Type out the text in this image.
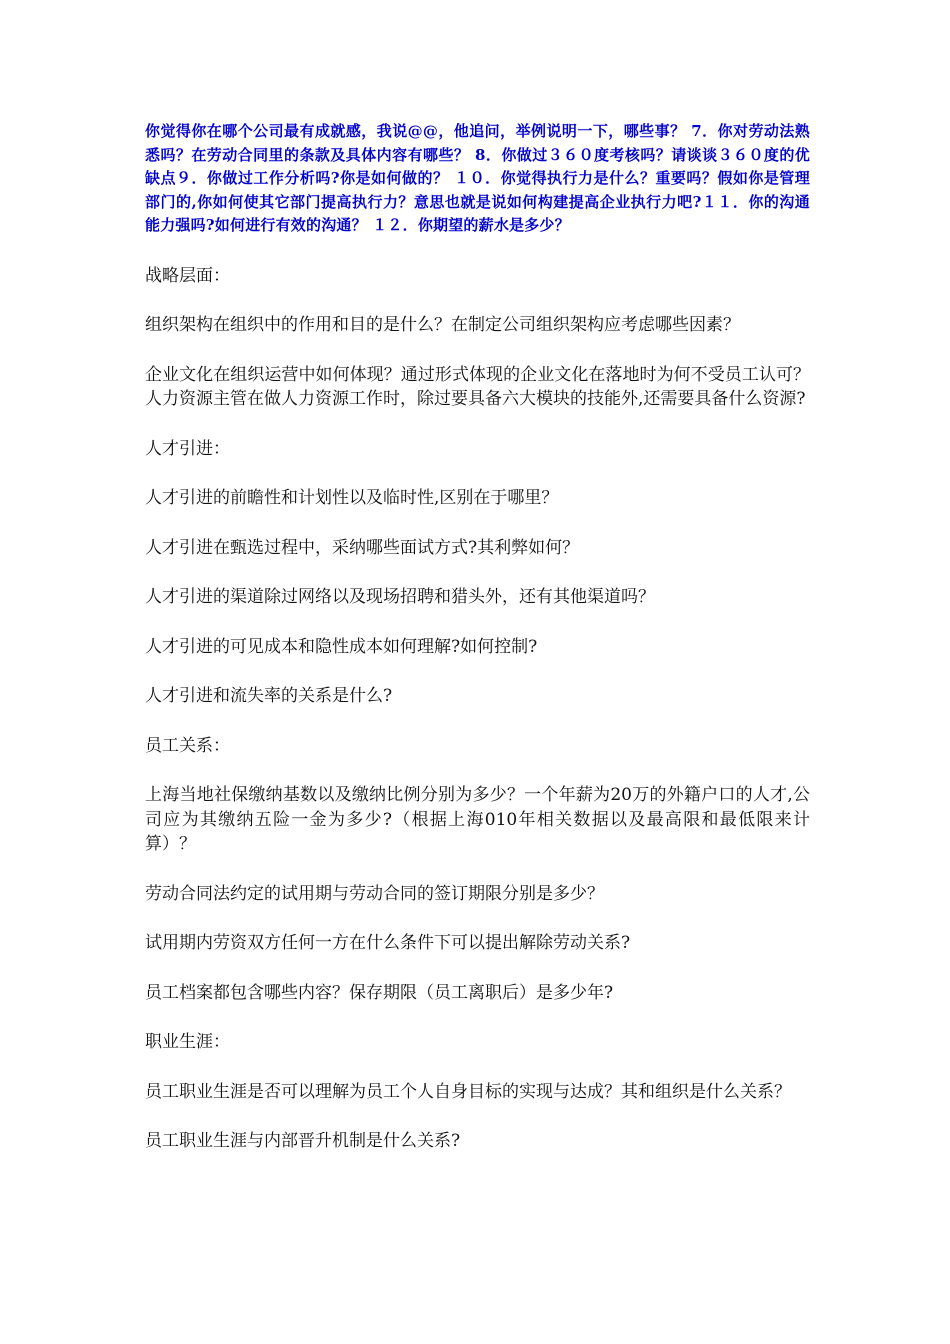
你觉得你在哪个公司最有成就感，我说@@，他追问，举例说明一下，哪些事？ 7．你对劳动法熟悉吗？在劳动合同里的条款及具体内容有哪些？ 8．你做过３６０度考核吗？请谈谈３６０度的优缺点９．你做过工作分析吗?你是如何做的？ １０．你觉得执行力是什么？重要吗？假如你是管理部门的,你如何使其它部门提高执行力？意思也就是说如何构建提高企业执行力吧?１１．你的沟通能力强吗?如何进行有效的沟通？ １２．你期望的薪水是多少？

战略层面：

组织架构在组织中的作用和目的是什么？在制定公司组织架构应考虑哪些因素？

企业文化在组织运营中如何体现？通过形式体现的企业文化在落地时为何不受员工认可？人力资源主管在做人力资源工作时，除过要具备六大模块的技能外,还需要具备什么资源?

人才引进：

人才引进的前瞻性和计划性以及临时性,区别在于哪里？

人才引进在甄选过程中，采纳哪些面试方式?其利弊如何？

人才引进的渠道除过网络以及现场招聘和猎头外，还有其他渠道吗？

人才引进的可见成本和隐性成本如何理解?如何控制?

人才引进和流失率的关系是什么?

员工关系：

上海当地社保缴纳基数以及缴纳比例分别为多少？一个年薪为20万的外籍户口的人才,公司应为其缴纳五险一金为多少?（根据上海010年相关数据以及最高限和最低限来计算）？

劳动合同法约定的试用期与劳动合同的签订期限分别是多少？

试用期内劳资双方任何一方在什么条件下可以提出解除劳动关系?

员工档案都包含哪些内容？保存期限（员工离职后）是多少年?

职业生涯：

员工职业生涯是否可以理解为员工个人自身目标的实现与达成？其和组织是什么关系？

员工职业生涯与内部晋升机制是什么关系?
